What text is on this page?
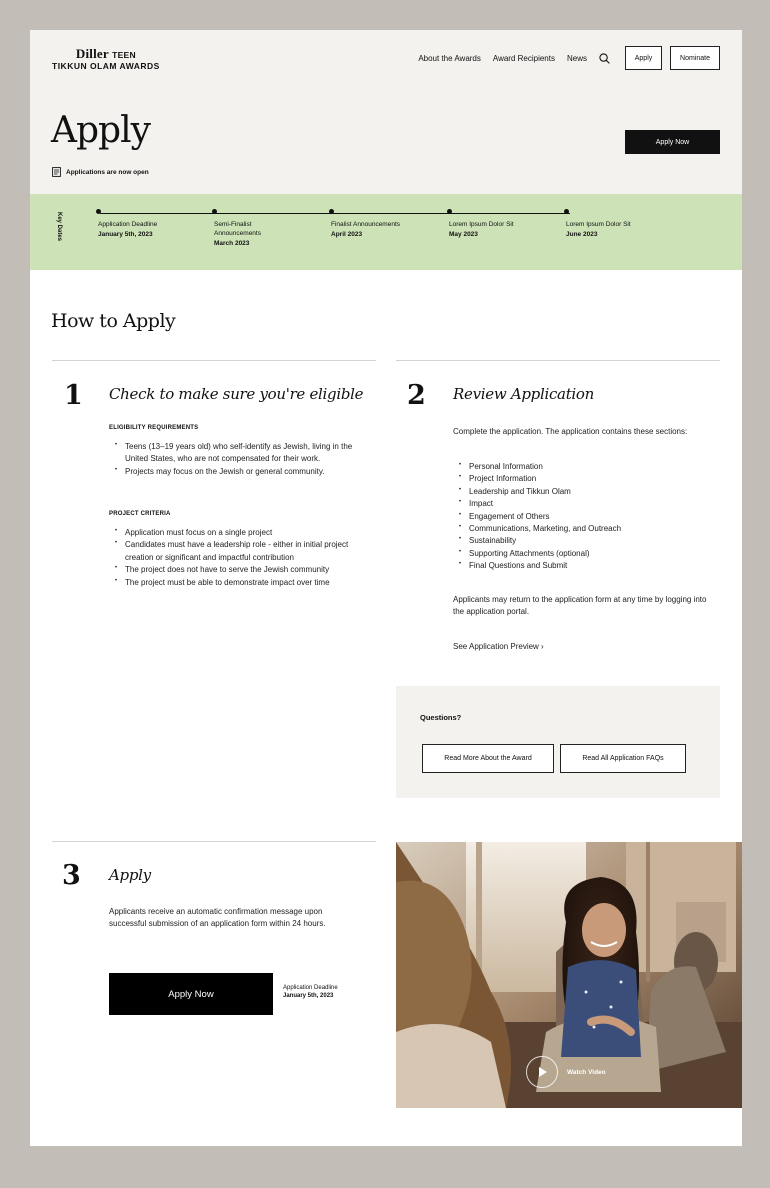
Diller TEEN
TIKKUN OLAM AWARDS
About the Awards Award Recipients News	Apply	Nominate
Apply
Applications are now open
Apply Now
Key Dates	Application Deadline
January 5th, 2023
Semi-Finalist Announcements
March 2023
Finalist Announcements
April 2023
Lorem Ipsum Dolor Sit
May 2023
Lorem Ipsum Dolor Sit
June 2023
How to Apply
1 Check to make sure you're eligible
ELIGIBILITY REQUIREMENTS
• Teens (13–19 years old) who self-identify as Jewish, living in the United States, who are not compensated for their work.
• Projects may focus on the Jewish or general community.
PROJECT CRITERIA
• Application must focus on a single project
• Candidates must have a leadership role - either in initial project creation or significant and impactful contribution
• The project does not have to serve the Jewish community
• The project must be able to demonstrate impact over time
2 Review Application
Complete the application. The application contains these sections:
• Personal Information
• Project Information
• Leadership and Tikkun Olam
• Impact
• Engagement of Others
• Communications, Marketing, and Outreach
• Sustainability
• Supporting Attachments (optional)
• Final Questions and Submit
Applicants may return to the application form at any time by logging into the application portal.
See Application Preview ›
Questions?
Read More About the Award	Read All Application FAQs
3 Apply
Applicants receive an automatic confirmation message upon successful submission of an application form within 24 hours.
Apply Now
Application Deadline
January 5th, 2023
Watch Video
